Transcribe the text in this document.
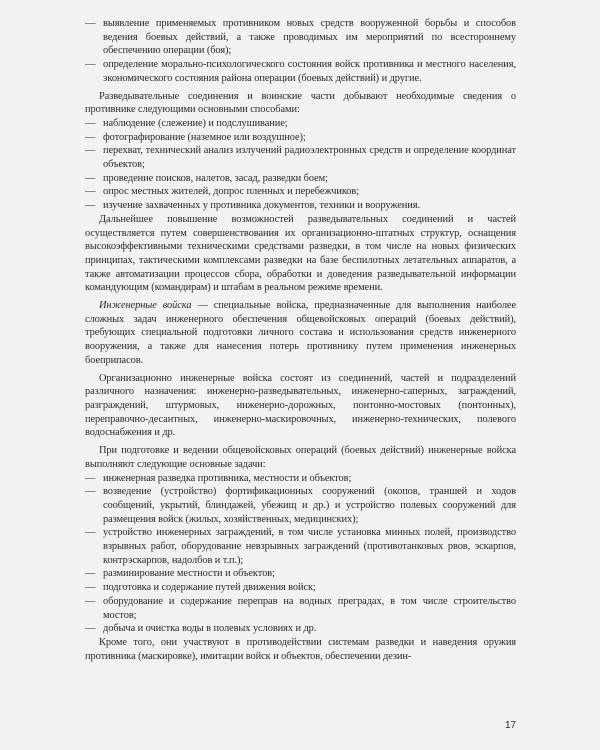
— выявление применяемых противником новых средств вооруженной борьбы и способов ведения боевых действий, а также проводимых им мероприятий по всестороннему обеспечению операции (боя);
— определение морально-психологического состояния войск противника и местного населения, экономического состояния района операции (боевых действий) и другие.

Разведывательные соединения и воинские части добывают необходимые сведения о противнике следующими основными способами:

— наблюдение (слежение) и подслушивание;
— фотографирование (наземное или воздушное);
— перехват, технический анализ излучений радиоэлектронных средств и определение координат объектов;
— проведение поисков, налетов, засад, разведки боем;
— опрос местных жителей, допрос пленных и перебежчиков;
— изучение захваченных у противника документов, техники и вооружения.

Дальнейшее повышение возможностей разведывательных соединений и частей осуществляется путем совершенствования их организационно-штатных структур, оснащения высокоэффективными техническими средствами разведки, в том числе на новых физических принципах, тактическими комплексами разведки на базе беспилотных летательных аппаратов, а также автоматизации процессов сбора, обработки и доведения разведывательной информации командующим (командирам) и штабам в реальном режиме времени.

Инженерные войска — специальные войска, предназначенные для выполнения наиболее сложных задач инженерного обеспечения общевойсковых операций (боевых действий), требующих специальной подготовки личного состава и использования средств инженерного вооружения, а также для нанесения потерь противнику путем применения инженерных боеприпасов.

Организационно инженерные войска состоят из соединений, частей и подразделений различного назначения: инженерно-разведывательных, инженерно-саперных, заграждений, разграждений, штурмовых, инженерно-дорожных, понтонно-мостовых (понтонных), переправочно-десантных, инженерно-маскировочных, инженерно-технических, полевого водоснабжения и др.

При подготовке и ведении общевойсковых операций (боевых действий) инженерные войска выполняют следующие основные задачи:

— инженерная разведка противника, местности и объектов;
— возведение (устройство) фортификационных сооружений (окопов, траншей и ходов сообщений, укрытий, блиндажей, убежищ и др.) и устройство полевых сооружений для размещения войск (жилых, хозяйственных, медицинских);
— устройство инженерных заграждений, в том числе установка минных полей, производство взрывных работ, оборудование невзрывных заграждений (противотанковых рвов, эскарпов, контрэскарпов, надолбов и т.п.);
— разминирование местности и объектов;
— подготовка и содержание путей движения войск;
— оборудование и содержание переправ на водных преградах, в том числе строительство мостов;
— добыча и очистка воды в полевых условиях и др.

Кроме того, они участвуют в противодействии системам разведки и наведения оружия противника (маскировке), имитации войск и объектов, обеспечении дезин-

17
